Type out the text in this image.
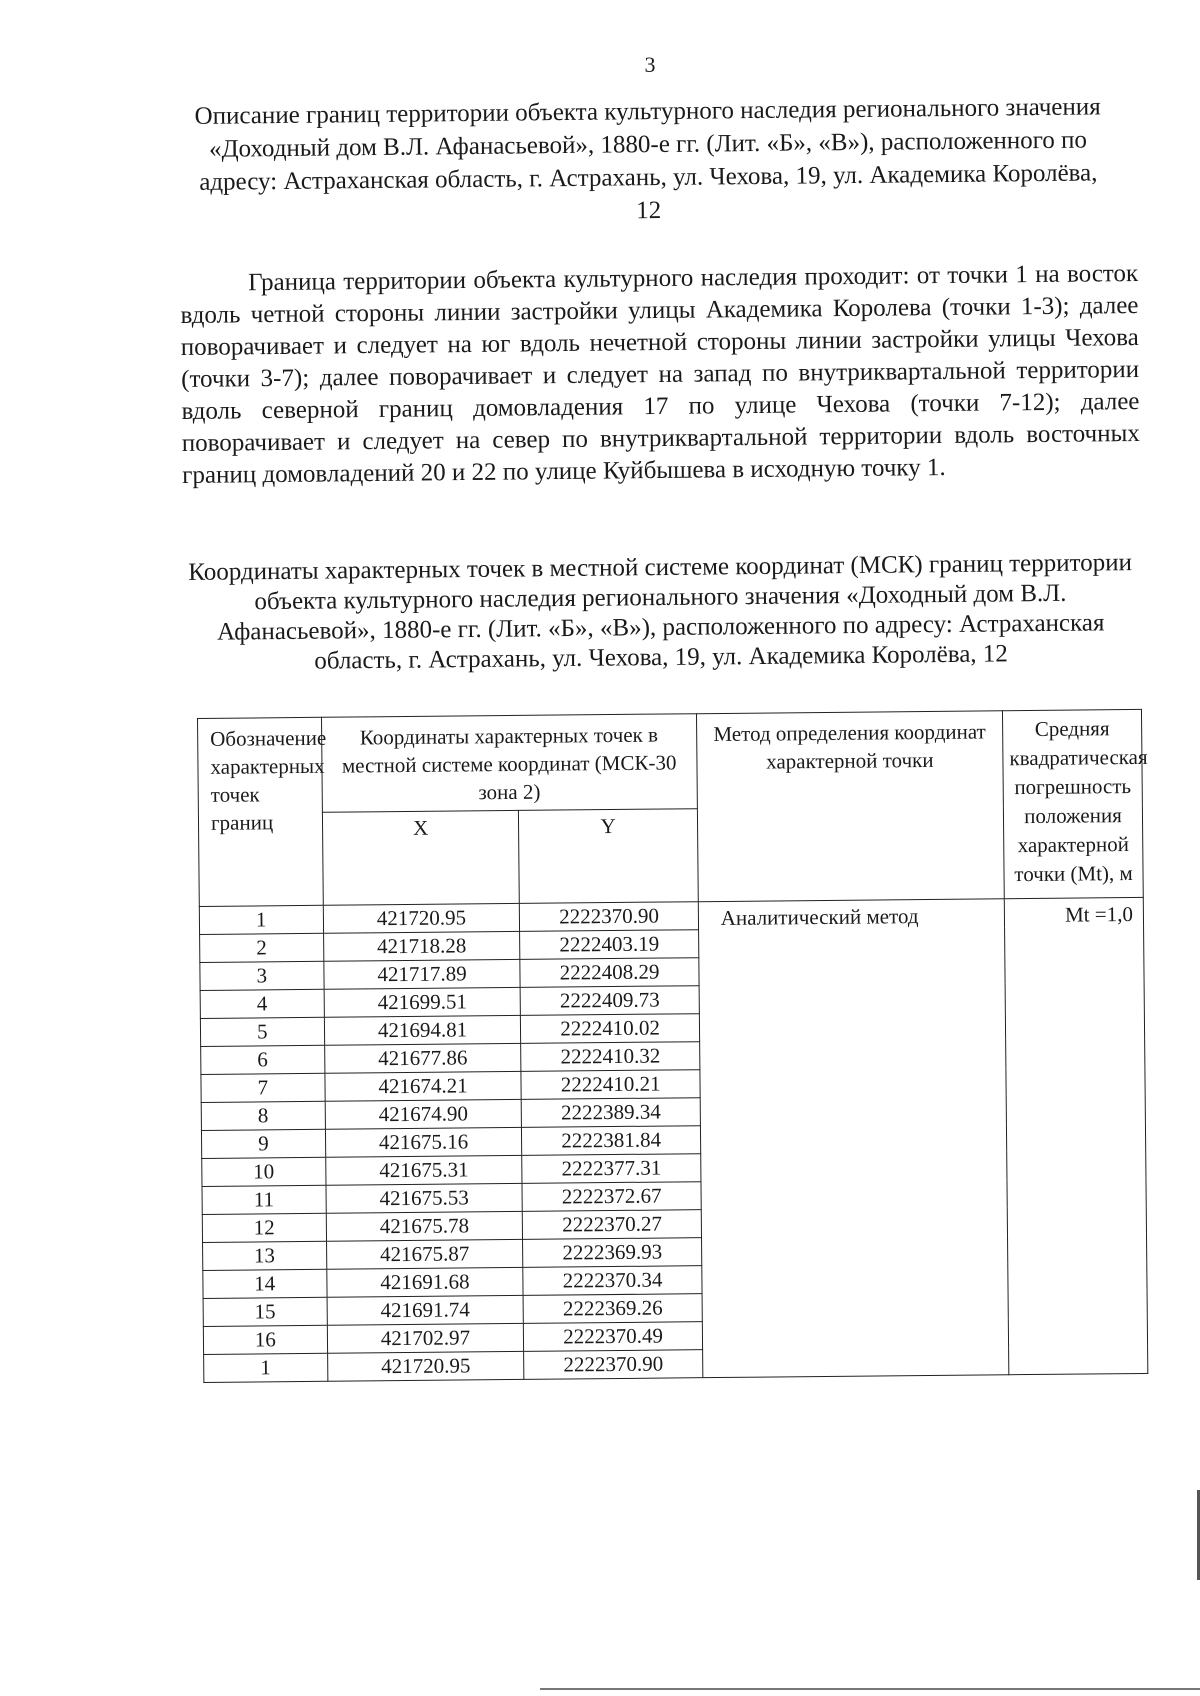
3
Описание границ территории объекта культурного наследия регионального значения «Доходный дом В.Л. Афанасьевой», 1880-е гг. (Лит. «Б», «В»), расположенного по адресу: Астраханская область, г. Астрахань, ул. Чехова, 19, ул. Академика Королёва, 12
Граница территории объекта культурного наследия проходит: от точки 1 на восток вдоль четной стороны линии застройки улицы Академика Королева (точки 1-3); далее поворачивает и следует на юг вдоль нечетной стороны линии застройки улицы Чехова (точки 3-7); далее поворачивает и следует на запад по внутриквартальной территории вдоль северной границ домовладения 17 по улице Чехова (точки 7-12); далее поворачивает и следует на север по внутриквартальной территории вдоль восточных границ домовладений 20 и 22 по улице Куйбышева в исходную точку 1.
Координаты характерных точек в местной системе координат (МСК) границ территории объекта культурного наследия регионального значения «Доходный дом В.Л. Афанасьевой», 1880-е гг. (Лит. «Б», «В»), расположенного по адресу: Астраханская область, г. Астрахань, ул. Чехова, 19, ул. Академика Королёва, 12
Обозначение характерных точек границ	Координаты характерных точек в местной системе координат (МСК-30 зона 2)		Метод определения координат характерной точки	Средняя квадратическая погрешность положения характерной точки (Mt), м
	X	Y		
1	421720.95	2222370.90	Аналитический метод	Mt =1,0
2	421718.28	2222403.19		
3	421717.89	2222408.29		
4	421699.51	2222409.73		
5	421694.81	2222410.02		
6	421677.86	2222410.32		
7	421674.21	2222410.21		
8	421674.90	2222389.34		
9	421675.16	2222381.84		
10	421675.31	2222377.31		
11	421675.53	2222372.67		
12	421675.78	2222370.27		
13	421675.87	2222369.93		
14	421691.68	2222370.34		
15	421691.74	2222369.26		
16	421702.97	2222370.49		
1	421720.95	2222370.90		
